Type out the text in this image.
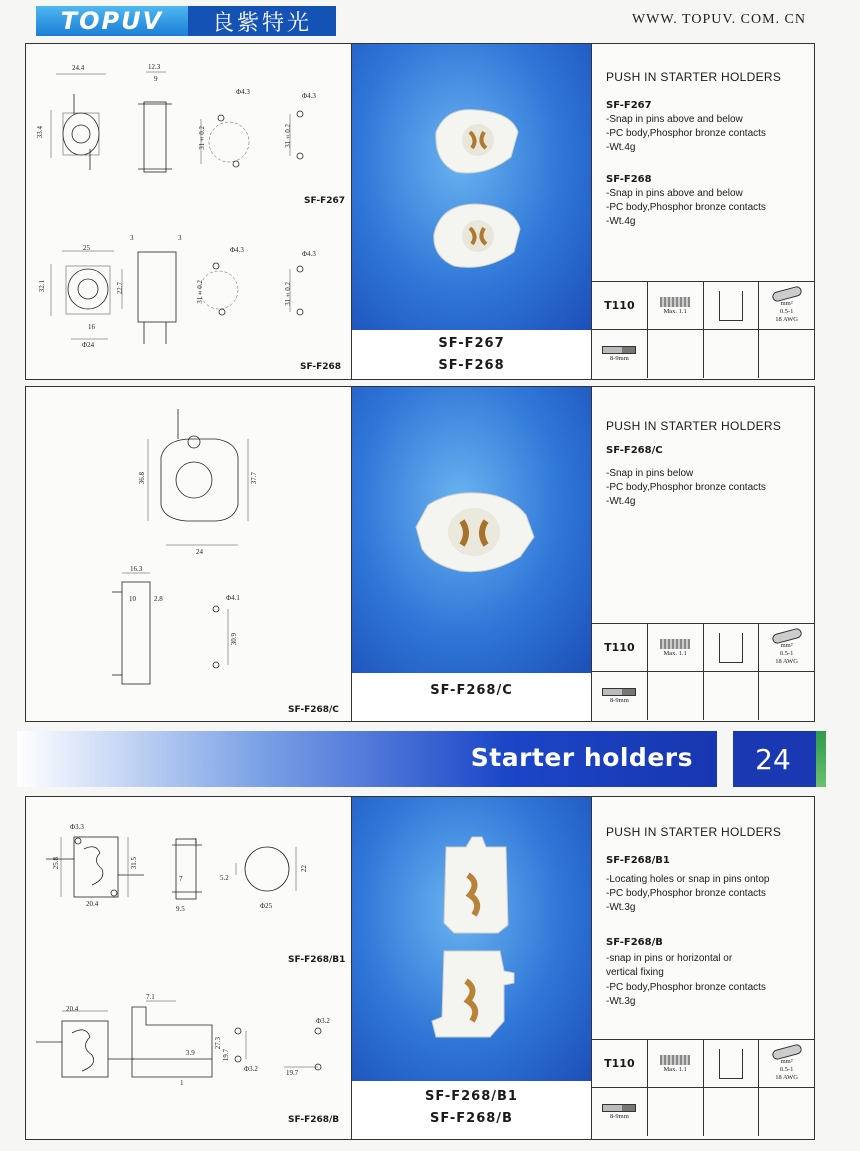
TOPUV	良紫特光	WWW. TOPUV. COM. CN
24.4
33.4
12.3
9
Φ4.3	Φ4.3
31±0.2	31±0.2
SF-F267
25
3	3
Φ4.3	Φ4.3
32.1	22.7
16
Φ24
31±0.2	31±0.2
SF-F268
SF-F267
SF-F268
PUSH IN STARTER HOLDERS
SF-F267
-Snap in pins above and below
-PC body,Phosphor bronze contacts
-Wt.4g
SF-F268
-Snap in pins above and below
-PC body,Phosphor bronze contacts
-Wt.4g
T110	Max. 1.1
mm²
0.5-1
18 AWG
8-9mm
36.8	37.7
24
16.3
10	2.8	Φ4.1
30.9
SF-F268/C
SF-F268/C
PUSH IN STARTER HOLDERS
SF-F268/C
-Snap in pins below
-PC body,Phosphor bronze contacts
-Wt.4g
T110	Max. 1.1
mm²
0.5-1
18 AWG
8-9mm
Starter holders	24
Φ3.3
25.8	31.5
20.4
7
1
9.5
5.2
22
Φ25
SF-F268/B1
20.4
7.1
3.9
27.3
1
19.7
Φ3.2
Φ3.2
19.7
SF-F268/B
SF-F268/B1
SF-F268/B
PUSH IN STARTER HOLDERS
SF-F268/B1
-Locating holes or snap in pins ontop
-PC body,Phosphor bronze contacts
-Wt.3g
SF-F268/B
-snap in pins or horizontal or
vertical fixing
-PC body,Phosphor bronze contacts
-Wt.3g
T110	Max. 1.1
mm²
0.5-1
18 AWG
8-9mm
